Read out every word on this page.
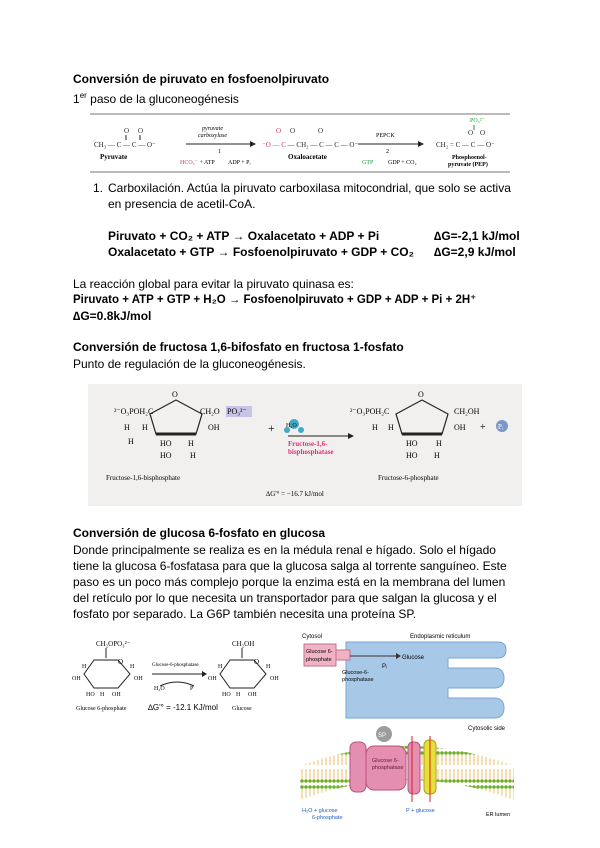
Conversión de piruvato en fosfoenolpiruvato
1er paso de la gluconeogénesis
O O
CH₃ — C — C — O⁻
Pyruvate
pyruvate
carboxylase
1
HCO₃⁻ + ATP ADP + Pᵢ
O	O
O
⁻O — C — CH₂ — C — C — O⁻
Oxaloacetate
PEPCK
2
GTP GDP + CO₂
PO₃²⁻
O O
CH₂ = C — C — O⁻
Phosphoenol-
pyruvate (PEP)
1. Carboxilación. Actúa la piruvato carboxilasa mitocondrial, que solo se activa
en presencia de acetil-CoA.
Piruvato + CO₂ + ATP → Oxalacetato + ADP + Pi	∆G=-2,1 kJ/mol
Oxalacetato + GTP → Fosfoenolpiruvato + GDP + CO₂ ∆G=2,9 kJ/mol
La reacción global para evitar la piruvato quinasa es:
Piruvato + ATP + GTP + H₂O → Fosfoenolpiruvato + GDP + ADP + Pi + 2H⁺
∆G=0.8kJ/mol
Conversión de fructosa 1,6-bifosfato en fructosa 1-fosfato
Punto de regulación de la gluconeogénesis.
O
²⁻O₃POH₂C	CH₂O PO₃²⁻
H H	OH
HO
H	H
HO H
Fructose-1,6-bisphosphate
+ H₂O
Fructose-1,6-
bisphosphatase
O
²⁻O₃POH₂C	CH₂OH
H H	OH
HO H
HO H
+ Pᵢ
Fructose-6-phosphate
∆G'° = −16.7 kJ/mol
Conversión de glucosa 6-fosfato en glucosa
Donde principalmente se realiza es en la médula renal e hígado. Solo el hígado
tiene la glucosa 6-fosfatasa para que la glucosa salga al torrente sanguíneo. Este
paso es un poco más complejo porque la enzima está en la membrana del lumen
del retículo por lo que necesita un transportador para que salgan la glucosa y el
fosfato por separado. La G6P también necesita una proteína SP.
CH₂OPO₃²⁻
O
H	H
OH	OH
HO	OH
H
Glucose 6-phosphate
Glucose-6-phosphatase
H₂O	P
CH₂OH
O
H	H
OH	OH
HO	OH
H
Glucose
∆G'° = -12.1 KJ/mol
Cytosol	Endoplasmic reticulum
Glucose 6-
phosphate	Glucose
Pᵢ
Glucose-6-
phosphatase
Cytosolic side
ER lumen
SP
Glucose 6-
phosphatase
H₂O + glucose
6-phosphate
P + glucose
